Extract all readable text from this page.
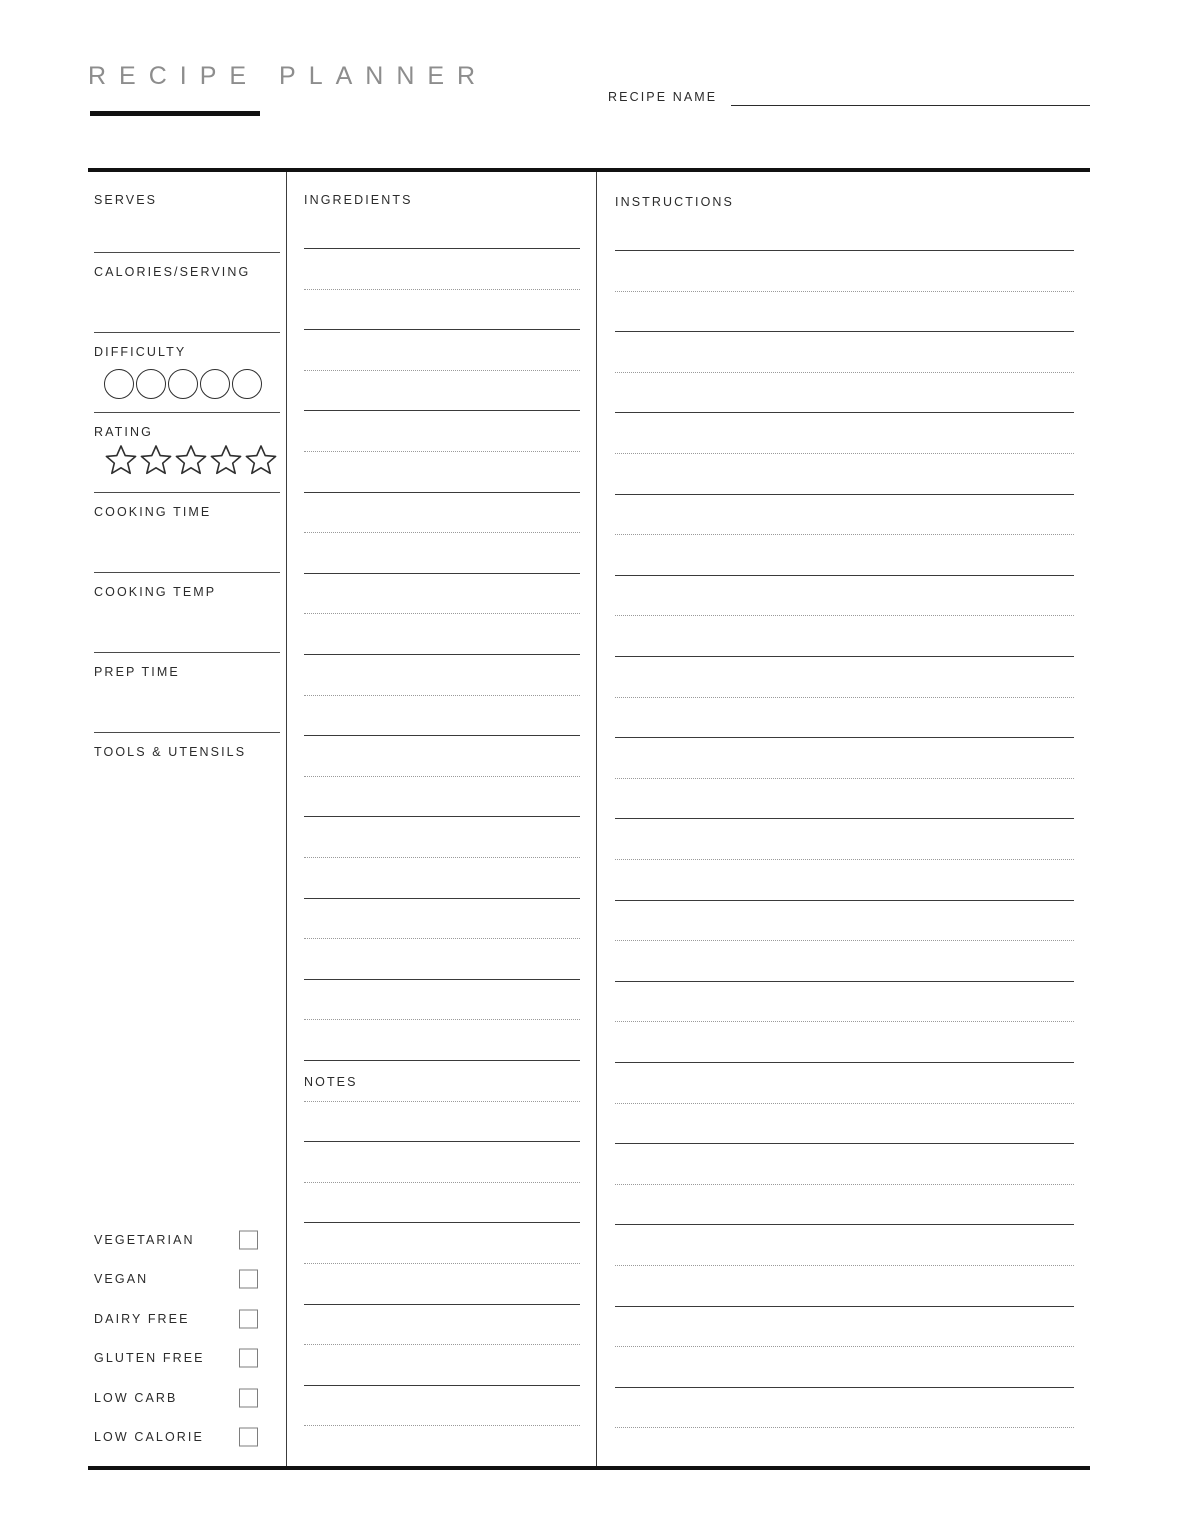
RECIPE PLANNER
RECIPE NAME
SERVES
CALORIES/SERVING
DIFFICULTY
RATING
COOKING TIME
COOKING TEMP
PREP TIME
TOOLS & UTENSILS
VEGETARIAN
VEGAN
DAIRY FREE
GLUTEN FREE
LOW CARB
LOW CALORIE
INGREDIENTS
NOTES
INSTRUCTIONS
